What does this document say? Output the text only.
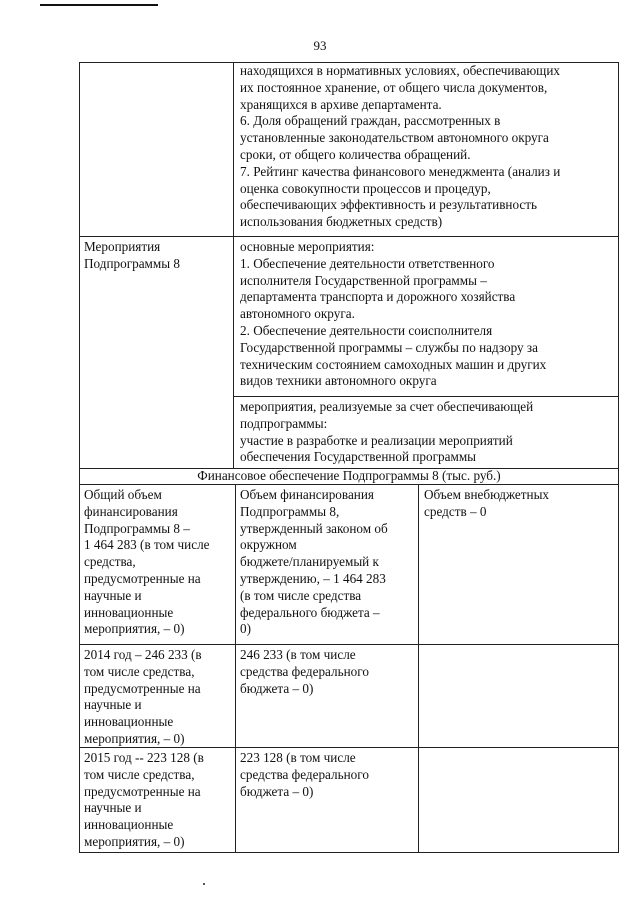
93
находящихся в нормативных условиях, обеспечивающих
их постоянное хранение, от общего числа документов,
хранящихся в архиве департамента.
6. Доля обращений граждан, рассмотренных в
установленные законодательством автономного округа
сроки, от общего количества обращений.
7. Рейтинг качества финансового менеджмента (анализ и
оценка совокупности процессов и процедур,
обеспечивающих эффективность и результативность
использования бюджетных средств)
Мероприятия
Подпрограммы 8
основные мероприятия:
1. Обеспечение деятельности ответственного
исполнителя Государственной программы –
департамента транспорта и дорожного хозяйства
автономного округа.
2. Обеспечение деятельности соисполнителя
Государственной программы – службы по надзору за
техническим состоянием самоходных машин и других
видов техники автономного округа
мероприятия, реализуемые за счет обеспечивающей
подпрограммы:
участие в разработке и реализации мероприятий
обеспечения Государственной программы
Финансовое обеспечение Подпрограммы 8 (тыс. руб.)
Общий объем
финансирования
Подпрограммы 8 –
1 464 283 (в том числе
средства,
предусмотренные на
научные и
инновационные
мероприятия, – 0)
Объем финансирования
Подпрограммы 8,
утвержденный законом об
окружном
бюджете/планируемый к
утверждению, – 1 464 283
(в том числе средства
федерального бюджета –
0)
Объем внебюджетных
средств – 0
2014 год – 246 233 (в
том числе средства,
предусмотренные на
научные и
инновационные
мероприятия, – 0)
246 233 (в том числе
средства федерального
бюджета – 0)
2015 год -- 223 128 (в
том числе средства,
предусмотренные на
научные и
инновационные
мероприятия, – 0)
223 128 (в том числе
средства федерального
бюджета – 0)
